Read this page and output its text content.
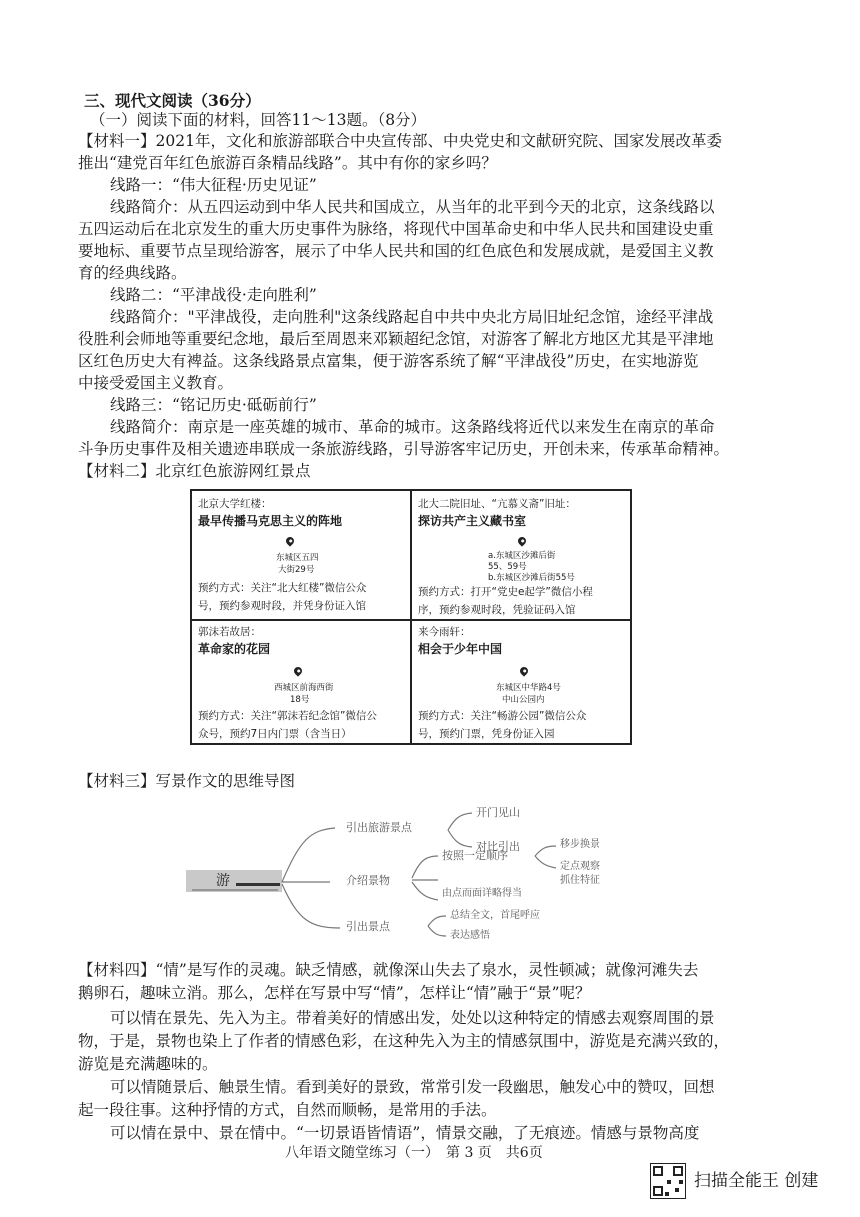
三、现代文阅读（36分）
（一）阅读下面的材料，回答11～13题。（8分）
【材料一】2021年，文化和旅游部联合中央宣传部、中央党史和文献研究院、国家发展改革委
推出“建党百年红色旅游百条精品线路”。其中有你的家乡吗？
线路一：“伟大征程·历史见证”
线路简介：从五四运动到中华人民共和国成立，从当年的北平到今天的北京，这条线路以
五四运动后在北京发生的重大历史事件为脉络，将现代中国革命史和中华人民共和国建设史重
要地标、重要节点呈现给游客，展示了中华人民共和国的红色底色和发展成就，是爱国主义教
育的经典线路。
线路二：“平津战役·走向胜利”
线路简介："平津战役，走向胜利"这条线路起自中共中央北方局旧址纪念馆，途经平津战
役胜利会师地等重要纪念地，最后至周恩来邓颖超纪念馆，对游客了解北方地区尤其是平津地
区红色历史大有裨益。这条线路景点富集，便于游客系统了解“平津战役”历史，在实地游览
中接受爱国主义教育。
线路三：“铭记历史·砥砺前行”
线路简介：南京是一座英雄的城市、革命的城市。这条路线将近代以来发生在南京的革命
斗争历史事件及相关遗迹串联成一条旅游线路，引导游客牢记历史，开创未来，传承革命精神。
【材料二】北京红色旅游网红景点
北京大学红楼：
最早传播马克思主义的阵地
东城区五四
大街29号
预约方式：关注“北大红楼”微信公众
号，预约参观时段，并凭身份证入馆
北大二院旧址、“亢慕义斋”旧址：
探访共产主义藏书室
a.东城区沙滩后街
55、59号
b.东城区沙滩后街55号
预约方式：打开“党史e起学”微信小程
序，预约参观时段，凭验证码入馆
郭沫若故居：
革命家的花园
西城区前海西街
18号
预约方式：关注“郭沫若纪念馆”微信公
众号，预约7日内门票（含当日）
来今雨轩：
相会于少年中国
东城区中华路4号
中山公园内
预约方式：关注“畅游公园”微信公众
号，预约门票，凭身份证入园
【材料三】写景作文的思维导图
游
引出旅游景点
开门见山
对比引出
介绍景物
按照一定顺序
由点而面详略得当
抓住特征
移步换景
定点观察
引出景点
总结全文，首尾呼应
表达感悟
【材料四】“情”是写作的灵魂。缺乏情感，就像深山失去了泉水，灵性顿减；就像河滩失去
鹅卵石，趣味立消。那么，怎样在写景中写“情”，怎样让“情”融于“景”呢？
可以情在景先、先入为主。带着美好的情感出发，处处以这种特定的情感去观察周围的景
物，于是，景物也染上了作者的情感色彩，在这种先入为主的情感氛围中，游览是充满兴致的，
游览是充满趣味的。
可以情随景后、触景生情。看到美好的景致，常常引发一段幽思，触发心中的赞叹，回想
起一段往事。这种抒情的方式，自然而顺畅，是常用的手法。
可以情在景中、景在情中。“一切景语皆情语”，情景交融，了无痕迹。情感与景物高度
八年语文随堂练习（一）　第 3 页　共6页
扫描全能王 创建
